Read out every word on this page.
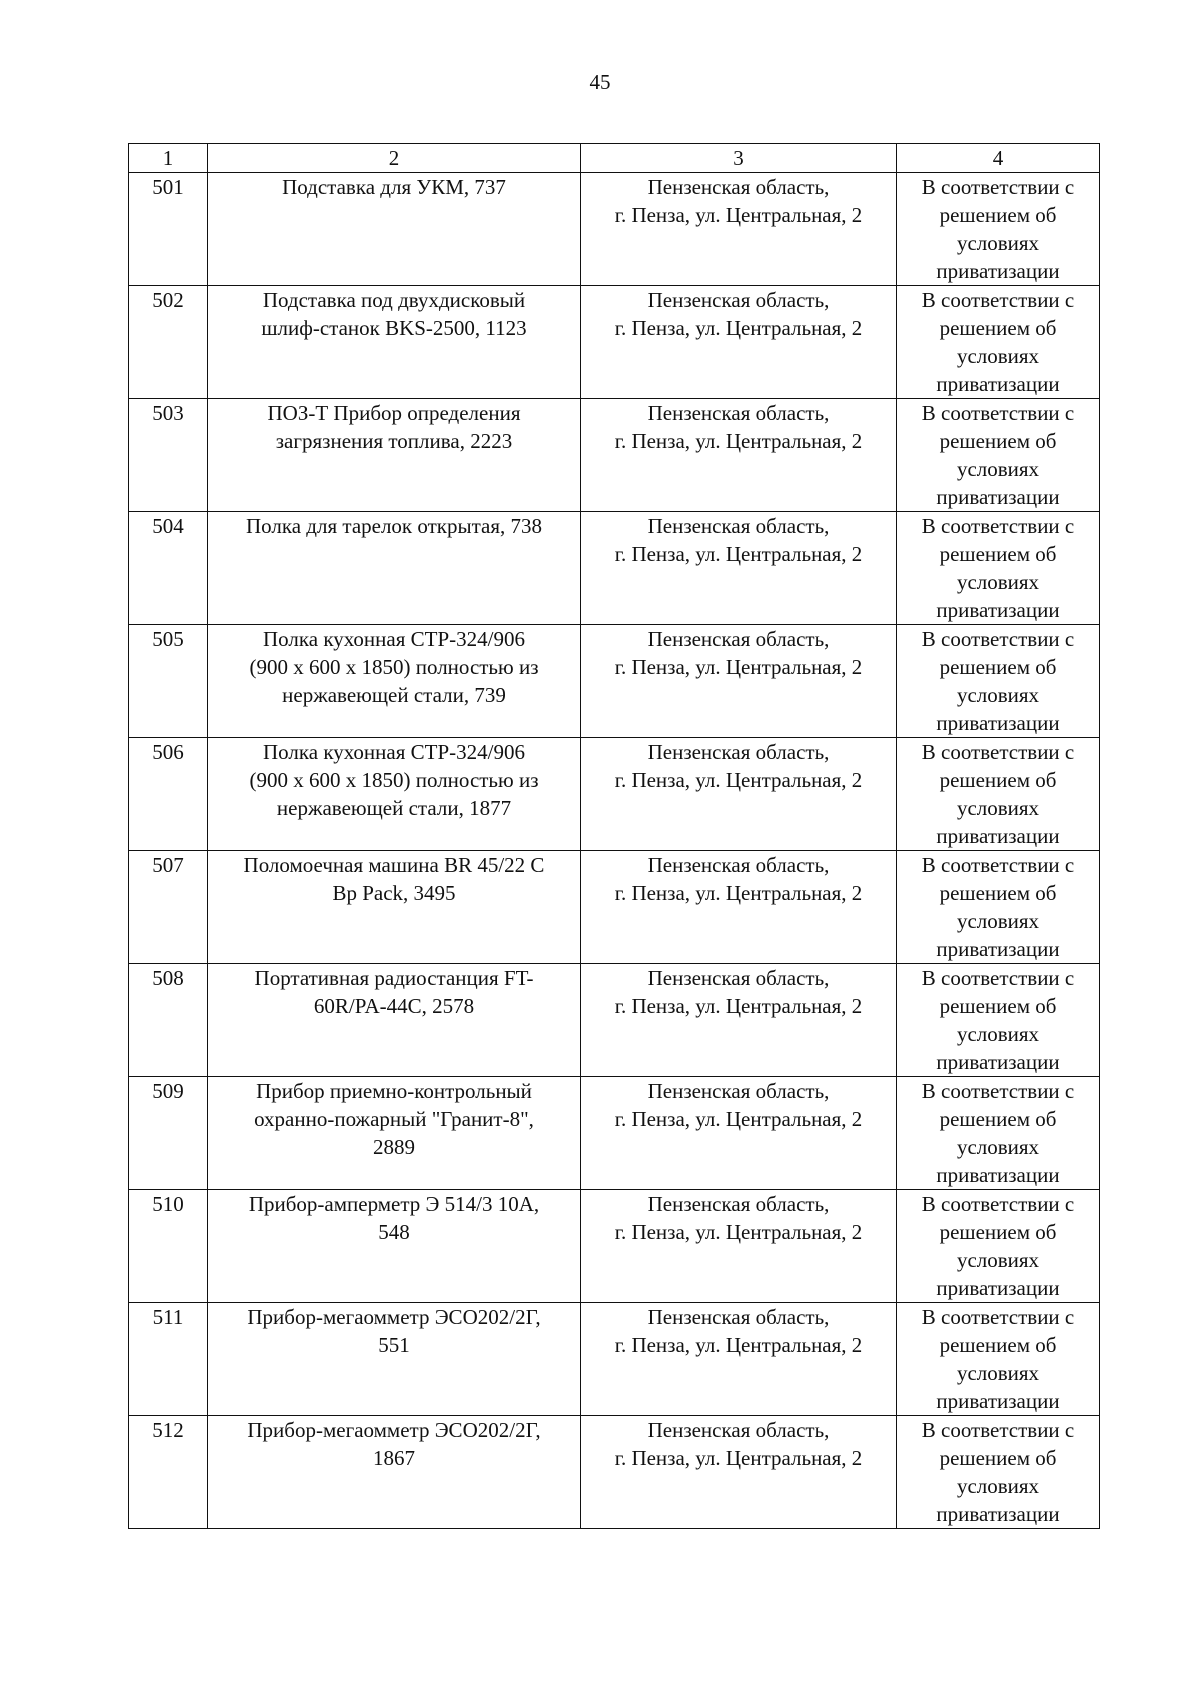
45
1	2	3	4
501	Подставка для УКМ, 737	Пензенская область,
г. Пенза, ул. Центральная, 2	В соответствии с
решением об
условиях
приватизации

502	Подставка под двухдисковый
шлиф-станок BKS-2500, 1123	Пензенская область,
г. Пенза, ул. Центральная, 2	В соответствии с
решением об
условиях
приватизации

503	ПОЗ-Т Прибор определения
загрязнения топлива, 2223	Пензенская область,
г. Пенза, ул. Центральная, 2	В соответствии с
решением об
условиях
приватизации

504	Полка для тарелок открытая, 738	Пензенская область,
г. Пенза, ул. Центральная, 2	В соответствии с
решением об
условиях
приватизации

505	Полка кухонная СТР-324/906
(900 x 600 x 1850) полностью из
нержавеющей стали, 739	Пензенская область,
г. Пенза, ул. Центральная, 2	В соответствии с
решением об
условиях
приватизации

506	Полка кухонная СТР-324/906
(900 x 600 x 1850) полностью из
нержавеющей стали, 1877	Пензенская область,
г. Пенза, ул. Центральная, 2	В соответствии с
решением об
условиях
приватизации

507	Поломоечная машина BR 45/22 C
Bp Pack, 3495	Пензенская область,
г. Пенза, ул. Центральная, 2	В соответствии с
решением об
условиях
приватизации

508	Портативная радиостанция FT-
60R/PA-44C, 2578	Пензенская область,
г. Пенза, ул. Центральная, 2	В соответствии с
решением об
условиях
приватизации

509	Прибор приемно-контрольный
охранно-пожарный "Гранит-8",
2889	Пензенская область,
г. Пенза, ул. Центральная, 2	В соответствии с
решением об
условиях
приватизации

510	Прибор-амперметр Э 514/3 10А,
548	Пензенская область,
г. Пенза, ул. Центральная, 2	В соответствии с
решением об
условиях
приватизации

511	Прибор-мегаомметр ЭСО202/2Г,
551	Пензенская область,
г. Пенза, ул. Центральная, 2	В соответствии с
решением об
условиях
приватизации

512	Прибор-мегаомметр ЭСО202/2Г,
1867	Пензенская область,
г. Пенза, ул. Центральная, 2	В соответствии с
решением об
условиях
приватизации
